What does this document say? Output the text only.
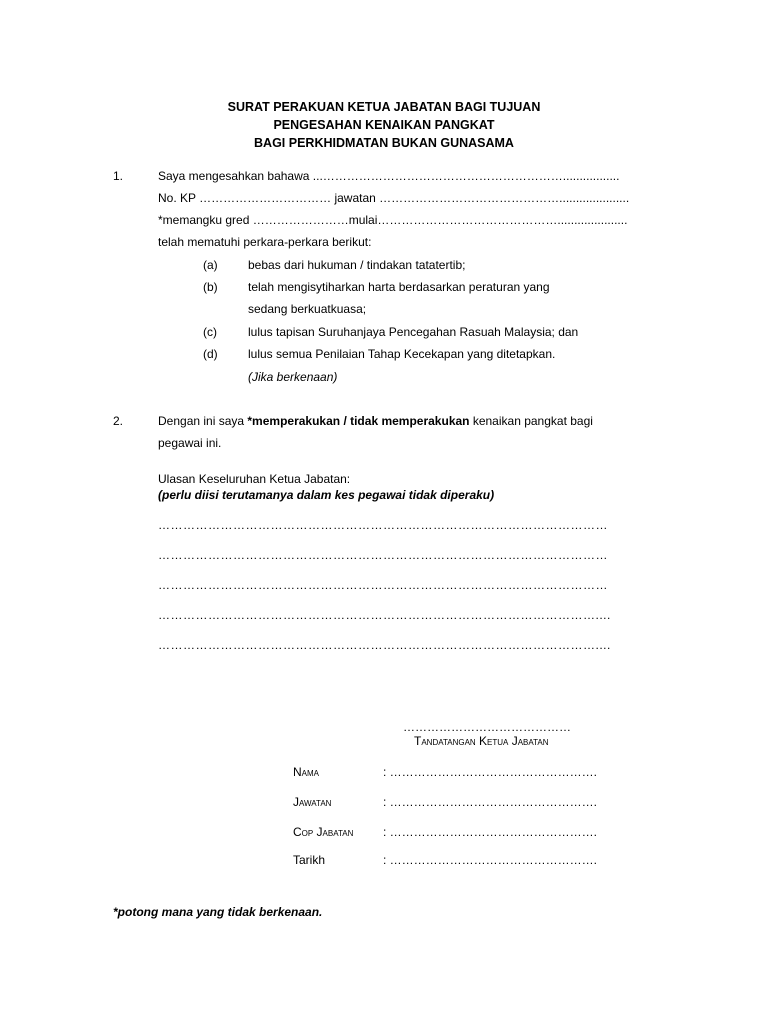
SURAT PERAKUAN KETUA JABATAN BAGI TUJUAN
PENGESAHAN KENAIKAN PANGKAT
BAGI PERKHIDMATAN BUKAN GUNASAMA
1.	Saya mengesahkan bahawa ...…………………………………………………….................
No. KP …………………………… jawatan ……………………………………….....................
*memangku gred ……………………mulai……………………………………….....................
telah mematuhi perkara-perkara berikut:
(a)	bebas dari hukuman / tindakan tatatertib;
(b)	telah mengisytiharkan harta berdasarkan peraturan yang
sedang berkuatkuasa;
(c)	lulus tapisan Suruhanjaya Pencegahan Rasuah Malaysia; dan
(d)	lulus semua Penilaian Tahap Kecekapan yang ditetapkan.
(Jika berkenaan)
2.	Dengan ini saya *memperakukan / tidak memperakukan kenaikan pangkat bagi
pegawai ini.
Ulasan Keseluruhan Ketua Jabatan:
(perlu diisi terutamanya dalam kes pegawai tidak diperaku)
………………………………………………………………………………………………
………………………………………………………………………………………………
………………………………………………………………………………………………
……………………………………………………………………………………………....
……………………………………………………………………………………………....
……………………………………
Tandatangan Ketua Jabatan
Nama	: …………………………………………….
Jawatan	: …………………………………………….
Cop Jabatan : …………………………………………….
Tarikh	: …………………………………………….
*potong mana yang tidak berkenaan.
